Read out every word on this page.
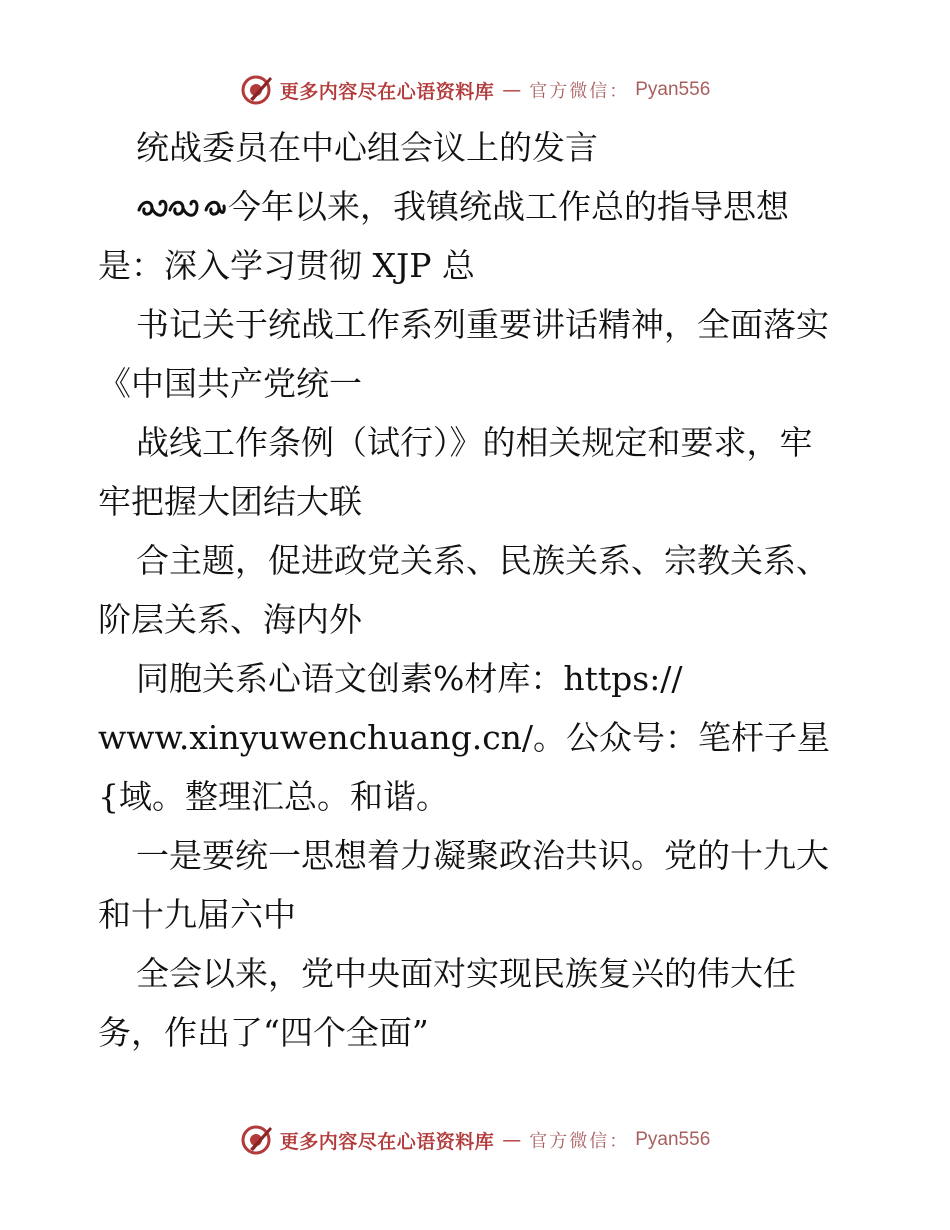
更多内容尽在心语资料库 — 官方微信： Pyan556
统战委员在中心组会议上的发言
今年以来，我镇统战工作总的指导思想
是：深入学习贯彻 XJP 总
书记关于统战工作系列重要讲话精神，全面落实
《中国共产党统一
战线工作条例（试行）》的相关规定和要求，牢
牢把握大团结大联
合主题，促进政党关系、民族关系、宗教关系、
阶层关系、海内外
同胞关系心语文创素%材库：https://
www.xinyuwenchuang.cn/。公众号：笔杆子星
{域。整理汇总。和谐。
一是要统一思想着力凝聚政治共识。党的十九大
和十九届六中
全会以来，党中央面对实现民族复兴的伟大任
务，作出了“四个全面”
更多内容尽在心语资料库 — 官方微信： Pyan556
